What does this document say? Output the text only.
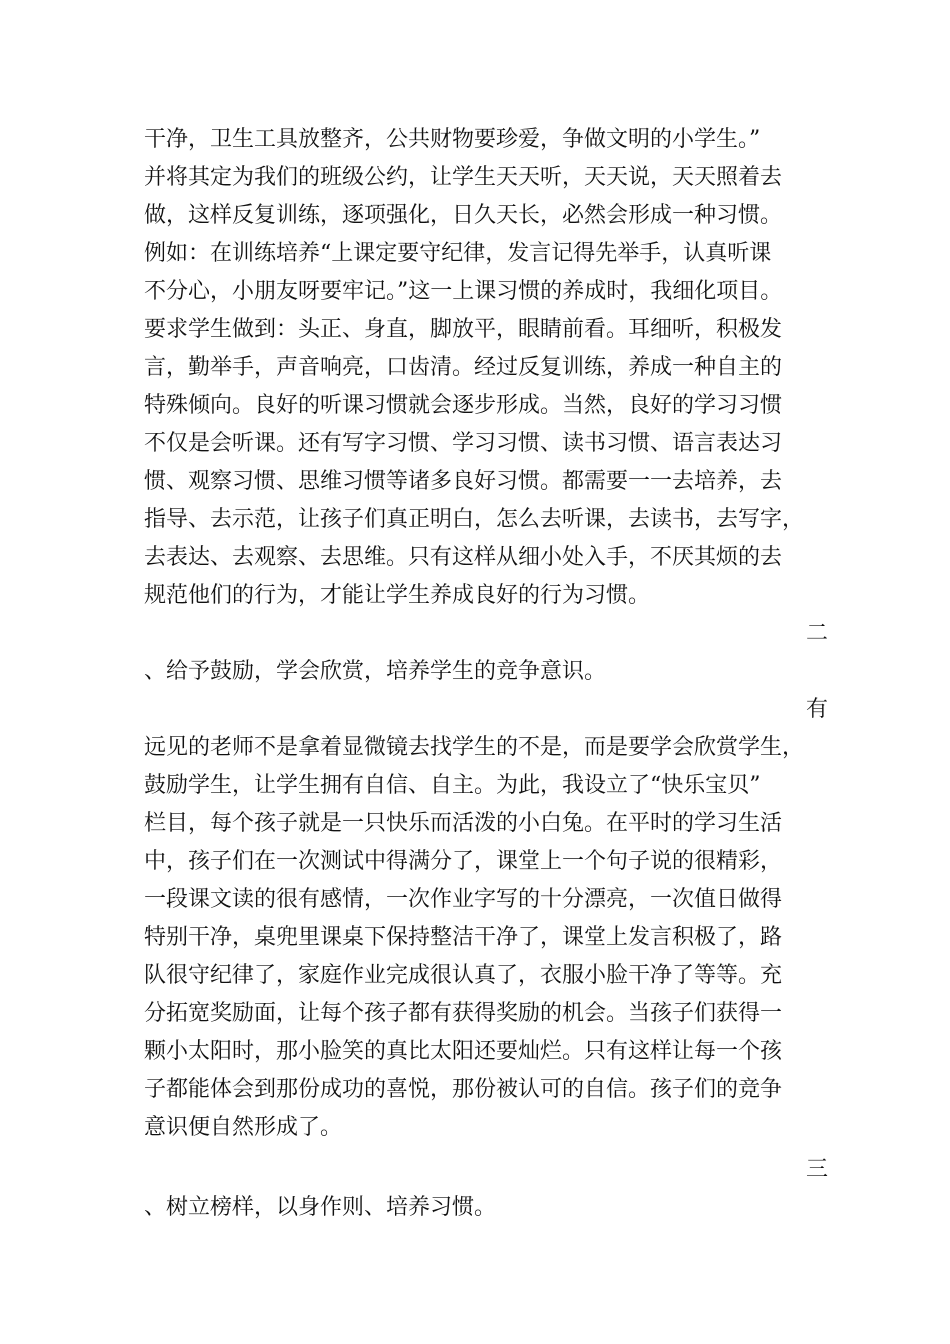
干净，卫生工具放整齐，公共财物要珍爱，争做文明的小学生。”
并将其定为我们的班级公约，让学生天天听，天天说，天天照着去
做，这样反复训练，逐项强化，日久天长，必然会形成一种习惯。
例如：在训练培养“上课定要守纪律，发言记得先举手，认真听课
不分心，小朋友呀要牢记。”这一上课习惯的养成时，我细化项目。
要求学生做到：头正、身直，脚放平，眼睛前看。耳细听，积极发
言，勤举手，声音响亮，口齿清。经过反复训练，养成一种自主的
特殊倾向。良好的听课习惯就会逐步形成。当然，良好的学习习惯
不仅是会听课。还有写字习惯、学习习惯、读书习惯、语言表达习
惯、观察习惯、思维习惯等诸多良好习惯。都需要一一去培养，去
指导、去示范，让孩子们真正明白，怎么去听课，去读书，去写字，
去表达、去观察、去思维。只有这样从细小处入手，不厌其烦的去
规范他们的行为，才能让学生养成良好的行为习惯。
二
、给予鼓励，学会欣赏，培养学生的竞争意识。
有
远见的老师不是拿着显微镜去找学生的不是，而是要学会欣赏学生，
鼓励学生，让学生拥有自信、自主。为此，我设立了“快乐宝贝”
栏目，每个孩子就是一只快乐而活泼的小白兔。在平时的学习生活
中，孩子们在一次测试中得满分了，课堂上一个句子说的很精彩，
一段课文读的很有感情，一次作业字写的十分漂亮，一次值日做得
特别干净，桌兜里课桌下保持整洁干净了，课堂上发言积极了，路
队很守纪律了，家庭作业完成很认真了，衣服小脸干净了等等。充
分拓宽奖励面，让每个孩子都有获得奖励的机会。当孩子们获得一
颗小太阳时，那小脸笑的真比太阳还要灿烂。只有这样让每一个孩
子都能体会到那份成功的喜悦，那份被认可的自信。孩子们的竞争
意识便自然形成了。
三
、树立榜样，以身作则、培养习惯。
